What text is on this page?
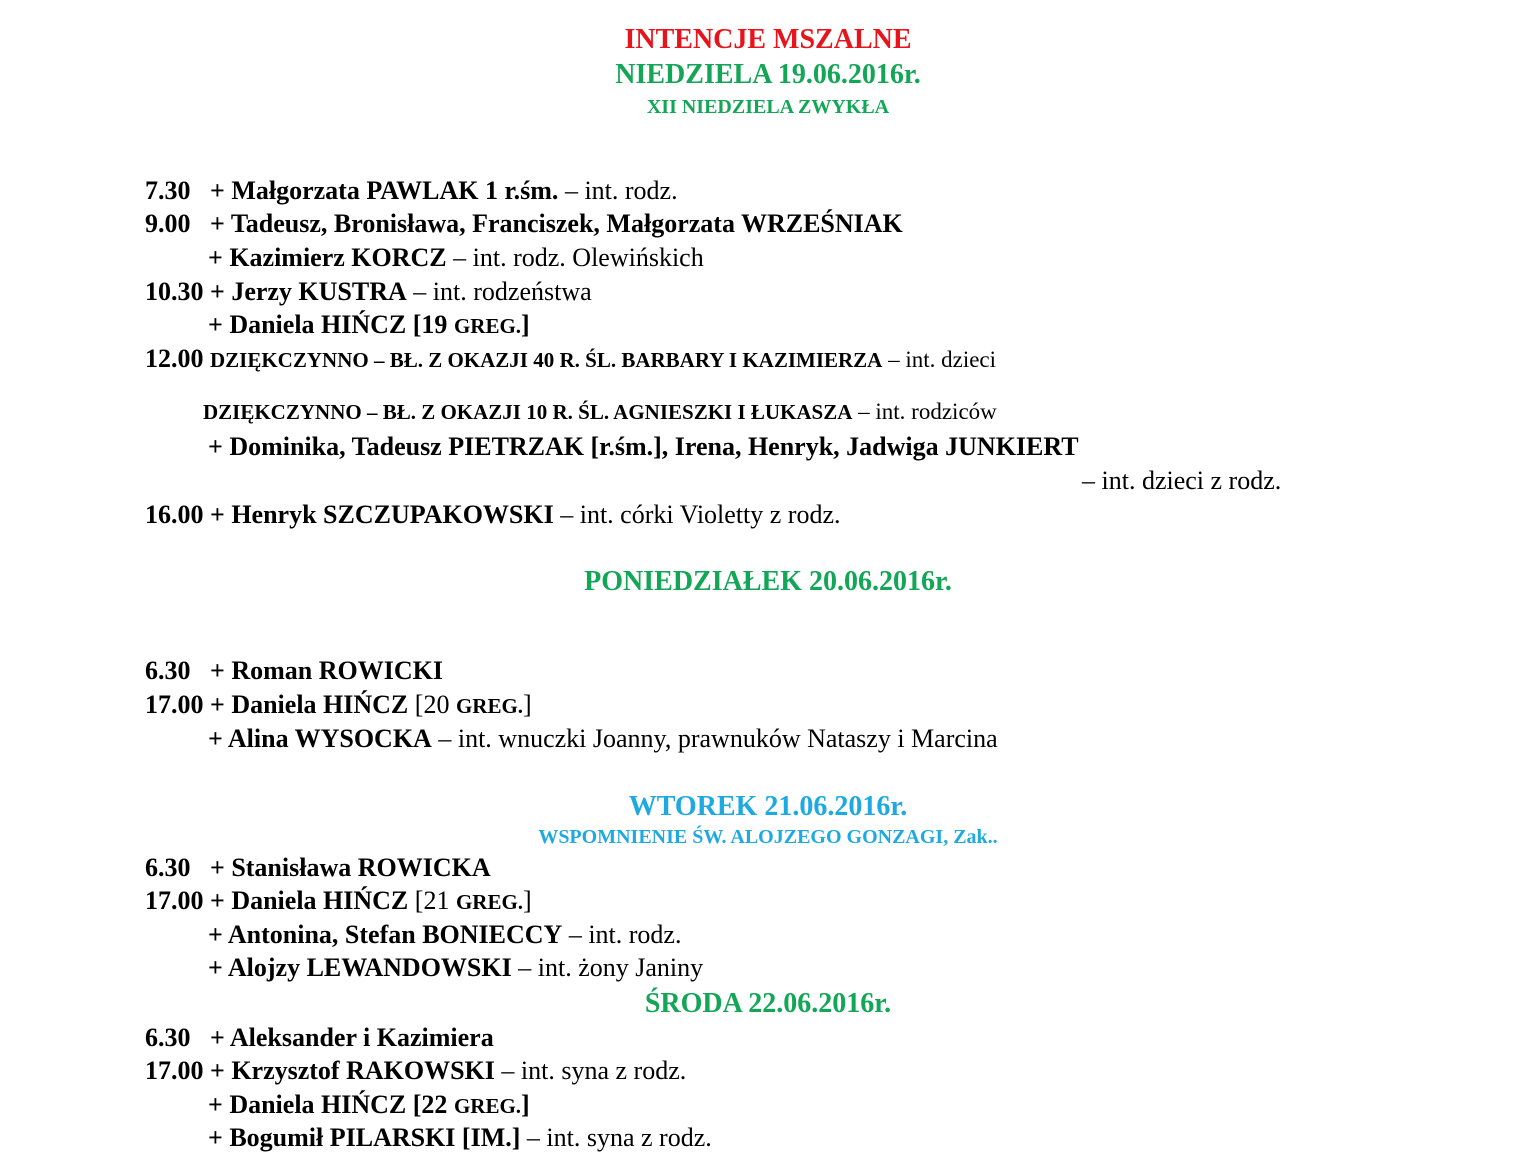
INTENCJE MSZALNE
NIEDZIELA 19.06.2016r.
XII NIEDZIELA ZWYKŁA
7.30 + Małgorzata PAWLAK 1 r.śm. – int. rodz.
9.00 + Tadeusz, Bronisława, Franciszek, Małgorzata WRZEŚNIAK
+ Kazimierz KORCZ – int. rodz. Olewińskich
10.30 + Jerzy KUSTRA – int. rodzeństwa
+ Daniela HIŃCZ [19 GREG.]
12.00 DZIĘKCZYNNO – BŁ. Z OKAZJI 40 R. ŚL. BARBARY I KAZIMIERZA – int. dzieci
DZIĘKCZYNNO – BŁ. Z OKAZJI 10 R. ŚL. AGNIESZKI I ŁUKASZA – int. rodziców
+ Dominika, Tadeusz PIETRZAK [r.śm.], Irena, Henryk, Jadwiga JUNKIERT
– int. dzieci z rodz.
16.00 + Henryk SZCZUPAKOWSKI – int. córki Violetty z rodz.
PONIEDZIAŁEK 20.06.2016r.
6.30 + Roman ROWICKI
17.00 + Daniela HIŃCZ [20 GREG.]
+ Alina WYSOCKA – int. wnuczki Joanny, prawnuków Nataszy i Marcina
WTOREK 21.06.2016r.
WSPOMNIENIE ŚW. ALOJZEGO GONZAGI, Zak..
6.30 + Stanisława ROWICKA
17.00 + Daniela HIŃCZ [21 GREG.]
+ Antonina, Stefan BONIECCY – int. rodz.
+ Alojzy LEWANDOWSKI – int. żony Janiny
ŚRODA 22.06.2016r.
6.30 + Aleksander i Kazimiera
17.00 + Krzysztof RAKOWSKI – int. syna z rodz.
+ Daniela HIŃCZ [22 GREG.]
+ Bogumił PILARSKI [IM.] – int. syna z rodz.
